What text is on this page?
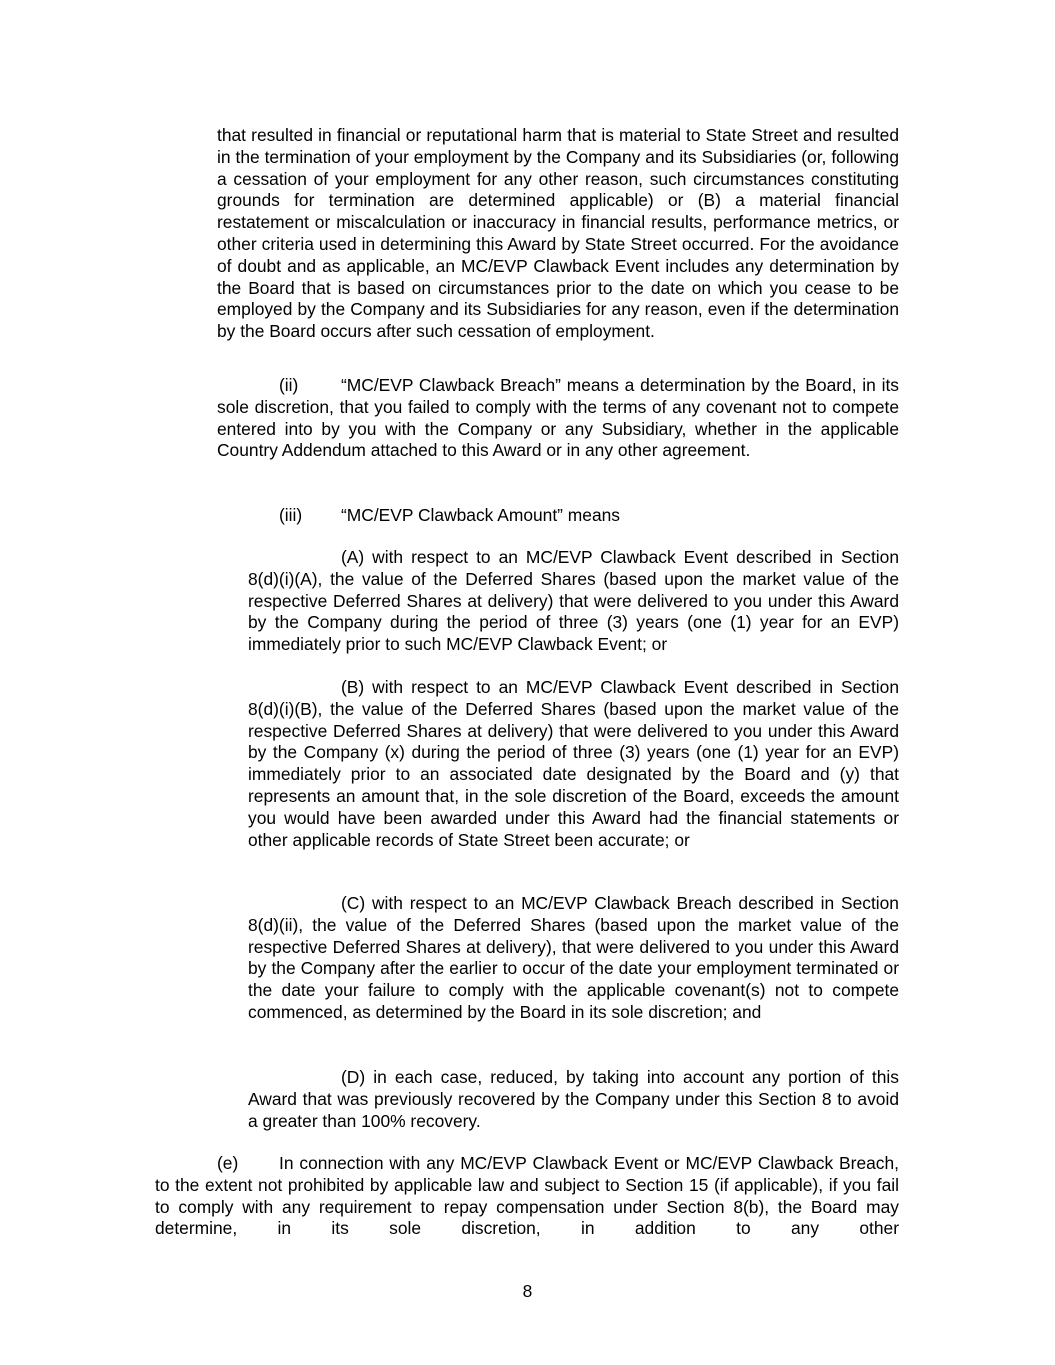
that resulted in financial or reputational harm that is material to State Street and resulted in the termination of your employment by the Company and its Subsidiaries (or, following a cessation of your employment for any other reason, such circumstances constituting grounds for termination are determined applicable) or (B) a material financial restatement or miscalculation or inaccuracy in financial results, performance metrics, or other criteria used in determining this Award by State Street occurred. For the avoidance of doubt and as applicable, an MC/EVP Clawback Event includes any determination by the Board that is based on circumstances prior to the date on which you cease to be employed by the Company and its Subsidiaries for any reason, even if the determination by the Board occurs after such cessation of employment.

(ii) “MC/EVP Clawback Breach” means a determination by the Board, in its sole discretion, that you failed to comply with the terms of any covenant not to compete entered into by you with the Company or any Subsidiary, whether in the applicable Country Addendum attached to this Award or in any other agreement.

(iii) “MC/EVP Clawback Amount” means

(A) with respect to an MC/EVP Clawback Event described in Section 8(d)(i)(A), the value of the Deferred Shares (based upon the market value of the respective Deferred Shares at delivery) that were delivered to you under this Award by the Company during the period of three (3) years (one (1) year for an EVP) immediately prior to such MC/EVP Clawback Event; or

(B) with respect to an MC/EVP Clawback Event described in Section 8(d)(i)(B), the value of the Deferred Shares (based upon the market value of the respective Deferred Shares at delivery) that were delivered to you under this Award by the Company (x) during the period of three (3) years (one (1) year for an EVP) immediately prior to an associated date designated by the Board and (y) that represents an amount that, in the sole discretion of the Board, exceeds the amount you would have been awarded under this Award had the financial statements or other applicable records of State Street been accurate; or

(C) with respect to an MC/EVP Clawback Breach described in Section 8(d)(ii), the value of the Deferred Shares (based upon the market value of the respective Deferred Shares at delivery), that were delivered to you under this Award by the Company after the earlier to occur of the date your employment terminated or the date your failure to comply with the applicable covenant(s) not to compete commenced, as determined by the Board in its sole discretion; and

(D) in each case, reduced, by taking into account any portion of this Award that was previously recovered by the Company under this Section 8 to avoid a greater than 100% recovery.

(e) In connection with any MC/EVP Clawback Event or MC/EVP Clawback Breach, to the extent not prohibited by applicable law and subject to Section 15 (if applicable), if you fail to comply with any requirement to repay compensation under Section 8(b), the Board may determine, in its sole discretion, in addition to any other

8
